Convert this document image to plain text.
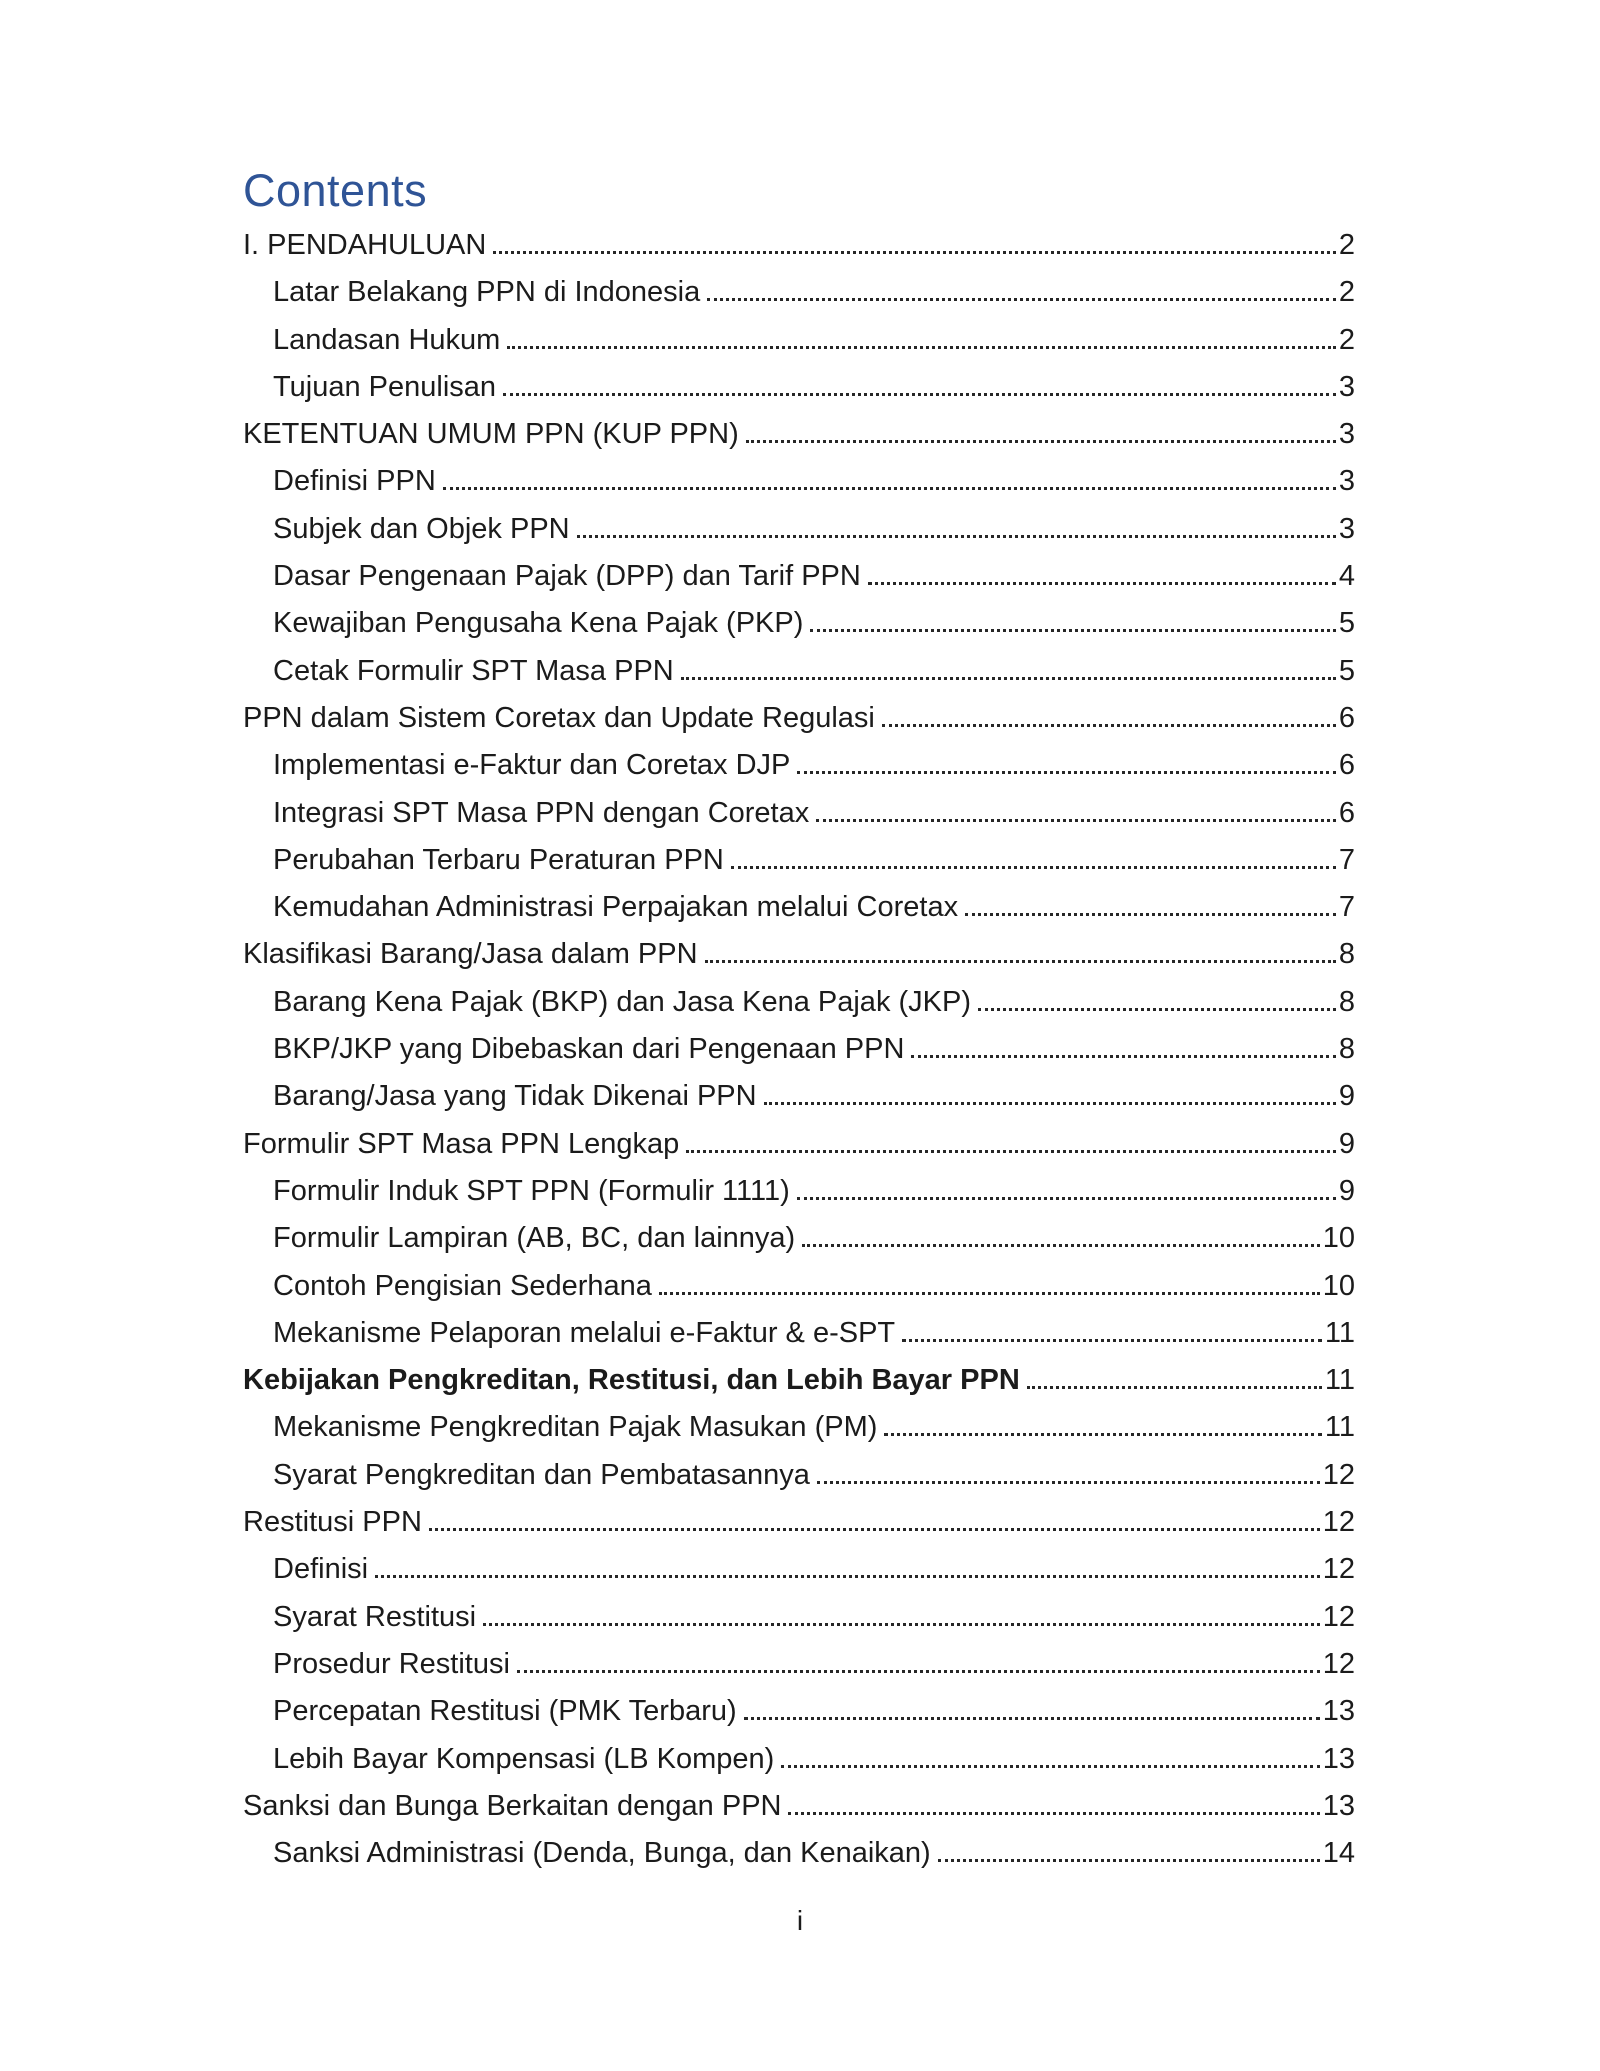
Contents
I. PENDAHULUAN	2
Latar Belakang PPN di Indonesia	2
Landasan Hukum	2
Tujuan Penulisan	3
KETENTUAN UMUM PPN (KUP PPN)	3
Definisi PPN	3
Subjek dan Objek PPN	3
Dasar Pengenaan Pajak (DPP) dan Tarif PPN	4
Kewajiban Pengusaha Kena Pajak (PKP)	5
Cetak Formulir SPT Masa PPN	5
PPN dalam Sistem Coretax dan Update Regulasi	6
Implementasi e-Faktur dan Coretax DJP	6
Integrasi SPT Masa PPN dengan Coretax	6
Perubahan Terbaru Peraturan PPN	7
Kemudahan Administrasi Perpajakan melalui Coretax	7
Klasifikasi Barang/Jasa dalam PPN	8
Barang Kena Pajak (BKP) dan Jasa Kena Pajak (JKP)	8
BKP/JKP yang Dibebaskan dari Pengenaan PPN	8
Barang/Jasa yang Tidak Dikenai PPN	9
Formulir SPT Masa PPN Lengkap	9
Formulir Induk SPT PPN (Formulir 1111)	9
Formulir Lampiran (AB, BC, dan lainnya)	10
Contoh Pengisian Sederhana	10
Mekanisme Pelaporan melalui e-Faktur & e-SPT	11
Kebijakan Pengkreditan, Restitusi, dan Lebih Bayar PPN	11
Mekanisme Pengkreditan Pajak Masukan (PM)	11
Syarat Pengkreditan dan Pembatasannya	12
Restitusi PPN	12
Definisi	12
Syarat Restitusi	12
Prosedur Restitusi	12
Percepatan Restitusi (PMK Terbaru)	13
Lebih Bayar Kompensasi (LB Kompen)	13
Sanksi dan Bunga Berkaitan dengan PPN	13
Sanksi Administrasi (Denda, Bunga, dan Kenaikan)	14
i
